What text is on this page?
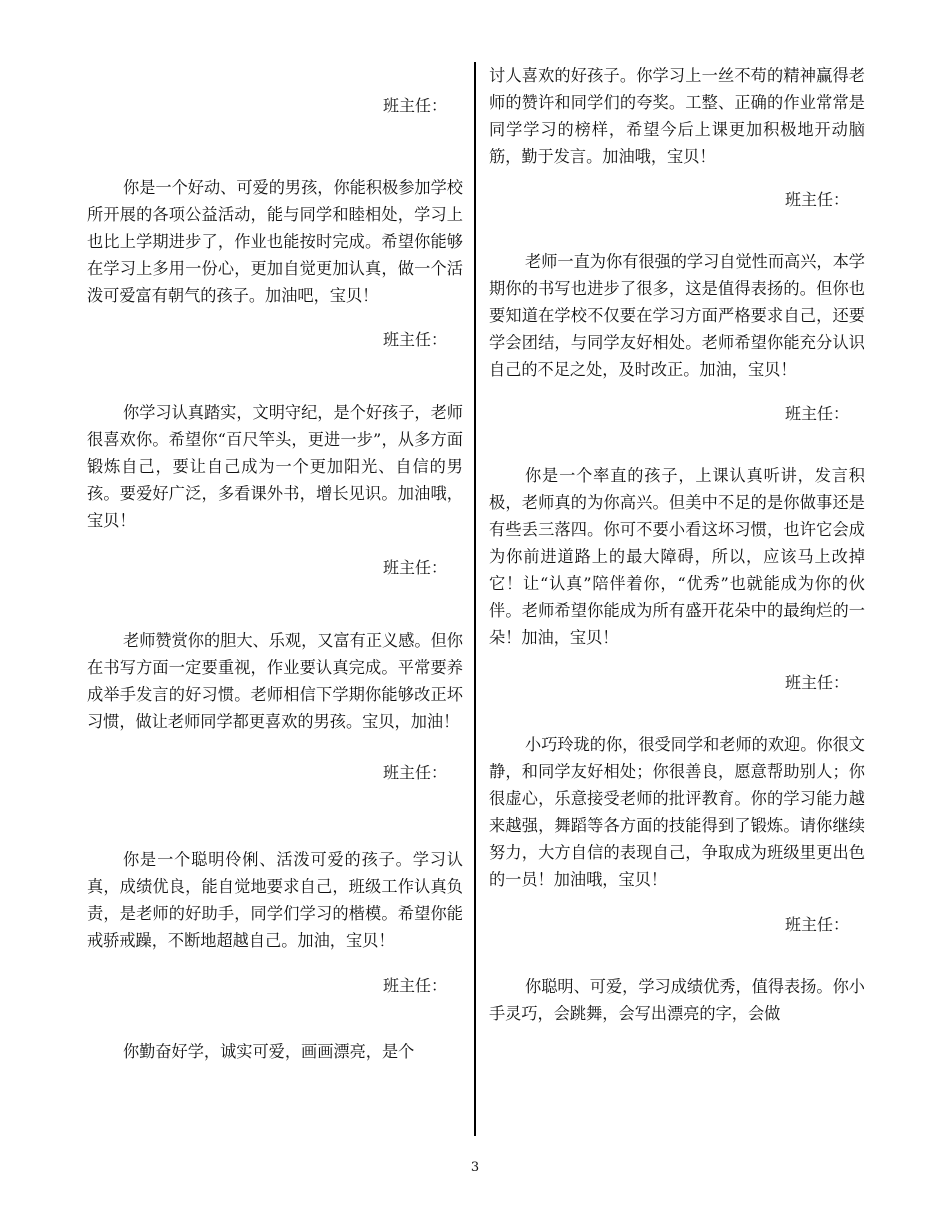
班主任：

你是一个好动、可爱的男孩，你能积极参加学校所开展的各项公益活动，能与同学和睦相处，学习上也比上学期进步了，作业也能按时完成。希望你能够在学习上多用一份心，更加自觉更加认真，做一个活泼可爱富有朝气的孩子。加油吧，宝贝！

班主任：

你学习认真踏实，文明守纪，是个好孩子，老师很喜欢你。希望你“百尺竿头，更进一步”，从多方面锻炼自己，要让自己成为一个更加阳光、自信的男孩。要爱好广泛，多看课外书，增长见识。加油哦，宝贝！

班主任：

老师赞赏你的胆大、乐观，又富有正义感。但你在书写方面一定要重视，作业要认真完成。平常要养成举手发言的好习惯。老师相信下学期你能够改正坏习惯，做让老师同学都更喜欢的男孩。宝贝，加油！

班主任：

你是一个聪明伶俐、活泼可爱的孩子。学习认真，成绩优良，能自觉地要求自己，班级工作认真负责，是老师的好助手，同学们学习的楷模。希望你能戒骄戒躁，不断地超越自己。加油，宝贝！

班主任：

你勤奋好学，诚实可爱，画画漂亮，是个

讨人喜欢的好孩子。你学习上一丝不苟的精神赢得老师的赞许和同学们的夸奖。工整、正确的作业常常是同学学习的榜样，希望今后上课更加积极地开动脑筋，勤于发言。加油哦，宝贝！

班主任：

老师一直为你有很强的学习自觉性而高兴，本学期你的书写也进步了很多，这是值得表扬的。但你也要知道在学校不仅要在学习方面严格要求自己，还要学会团结，与同学友好相处。老师希望你能充分认识自己的不足之处，及时改正。加油，宝贝！

班主任：

你是一个率直的孩子，上课认真听讲，发言积极，老师真的为你高兴。但美中不足的是你做事还是有些丢三落四。你可不要小看这坏习惯，也许它会成为你前进道路上的最大障碍，所以，应该马上改掉它！让“认真”陪伴着你，“优秀”也就能成为你的伙伴。老师希望你能成为所有盛开花朵中的最绚烂的一朵！加油，宝贝！

班主任：

小巧玲珑的你，很受同学和老师的欢迎。你很文静，和同学友好相处；你很善良，愿意帮助别人；你很虚心，乐意接受老师的批评教育。你的学习能力越来越强，舞蹈等各方面的技能得到了锻炼。请你继续努力，大方自信的表现自己，争取成为班级里更出色的一员！加油哦，宝贝！

班主任：

你聪明、可爱，学习成绩优秀，值得表扬。你小手灵巧，会跳舞，会写出漂亮的字，会做

3
